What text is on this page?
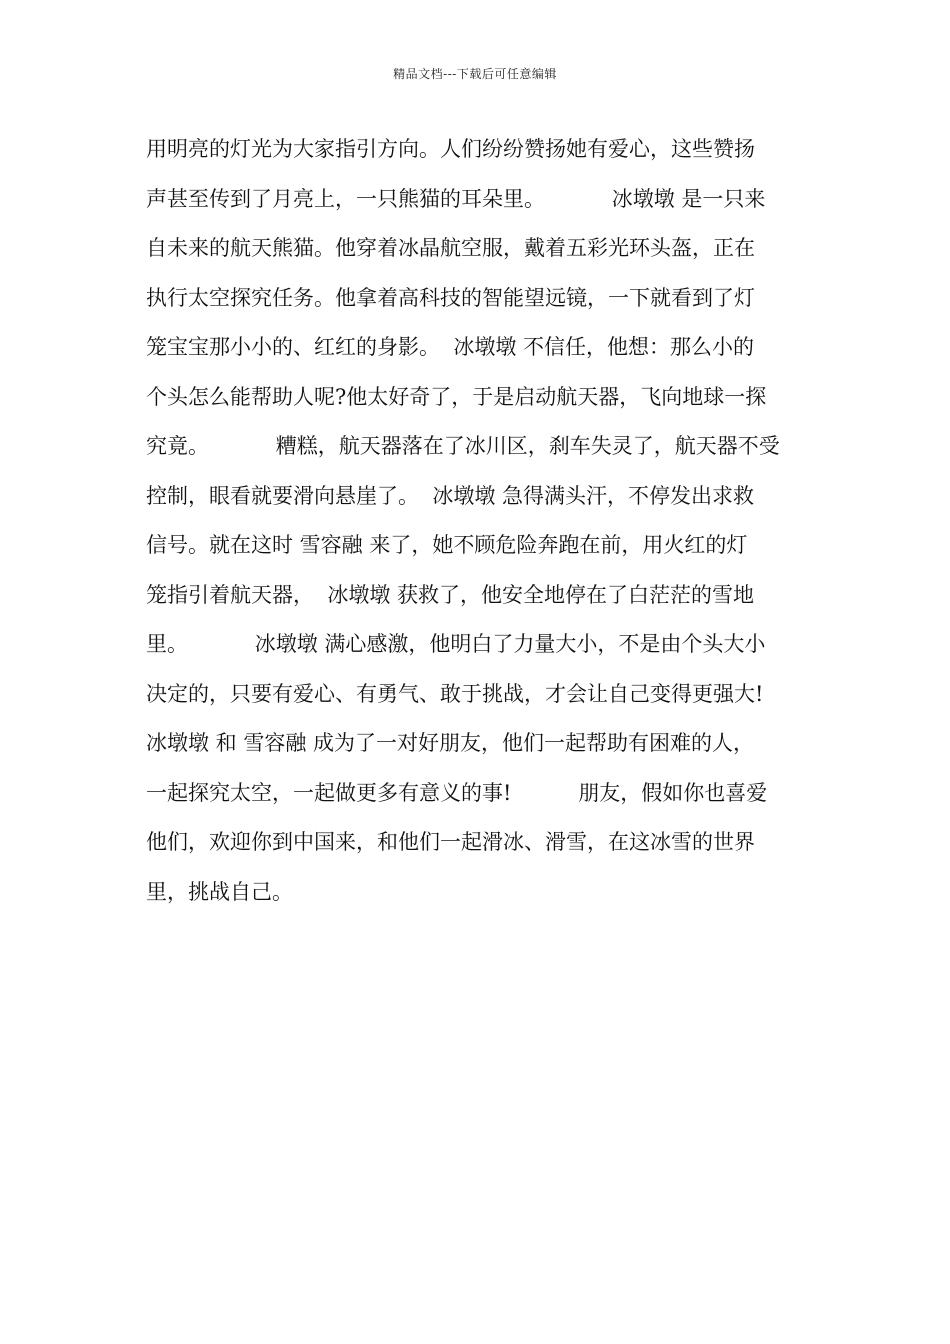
精品文档---下载后可任意编辑
用明亮的灯光为大家指引方向。人们纷纷赞扬她有爱心，这些赞扬
声甚至传到了月亮上，一只熊猫的耳朵里。          冰墩墩 是一只来
自未来的航天熊猫。他穿着冰晶航空服，戴着五彩光环头盔，正在
执行太空探究任务。他拿着高科技的智能望远镜，一下就看到了灯
笼宝宝那小小的、红红的身影。  冰墩墩 不信任，他想：那么小的
个头怎么能帮助人呢?他太好奇了，于是启动航天器，飞向地球一探
究竟。          糟糕，航天器落在了冰川区，刹车失灵了，航天器不受
控制，眼看就要滑向悬崖了。  冰墩墩 急得满头汗，不停发出求救
信号。就在这时 雪容融 来了，她不顾危险奔跑在前，用火红的灯
笼指引着航天器，  冰墩墩 获救了，他安全地停在了白茫茫的雪地
里。          冰墩墩 满心感激，他明白了力量大小，不是由个头大小
决定的，只要有爱心、有勇气、敢于挑战，才会让自己变得更强大!
冰墩墩 和 雪容融 成为了一对好朋友，他们一起帮助有困难的人，
一起探究太空，一起做更多有意义的事!          朋友，假如你也喜爱
他们，欢迎你到中国来，和他们一起滑冰、滑雪，在这冰雪的世界
里，挑战自己。
